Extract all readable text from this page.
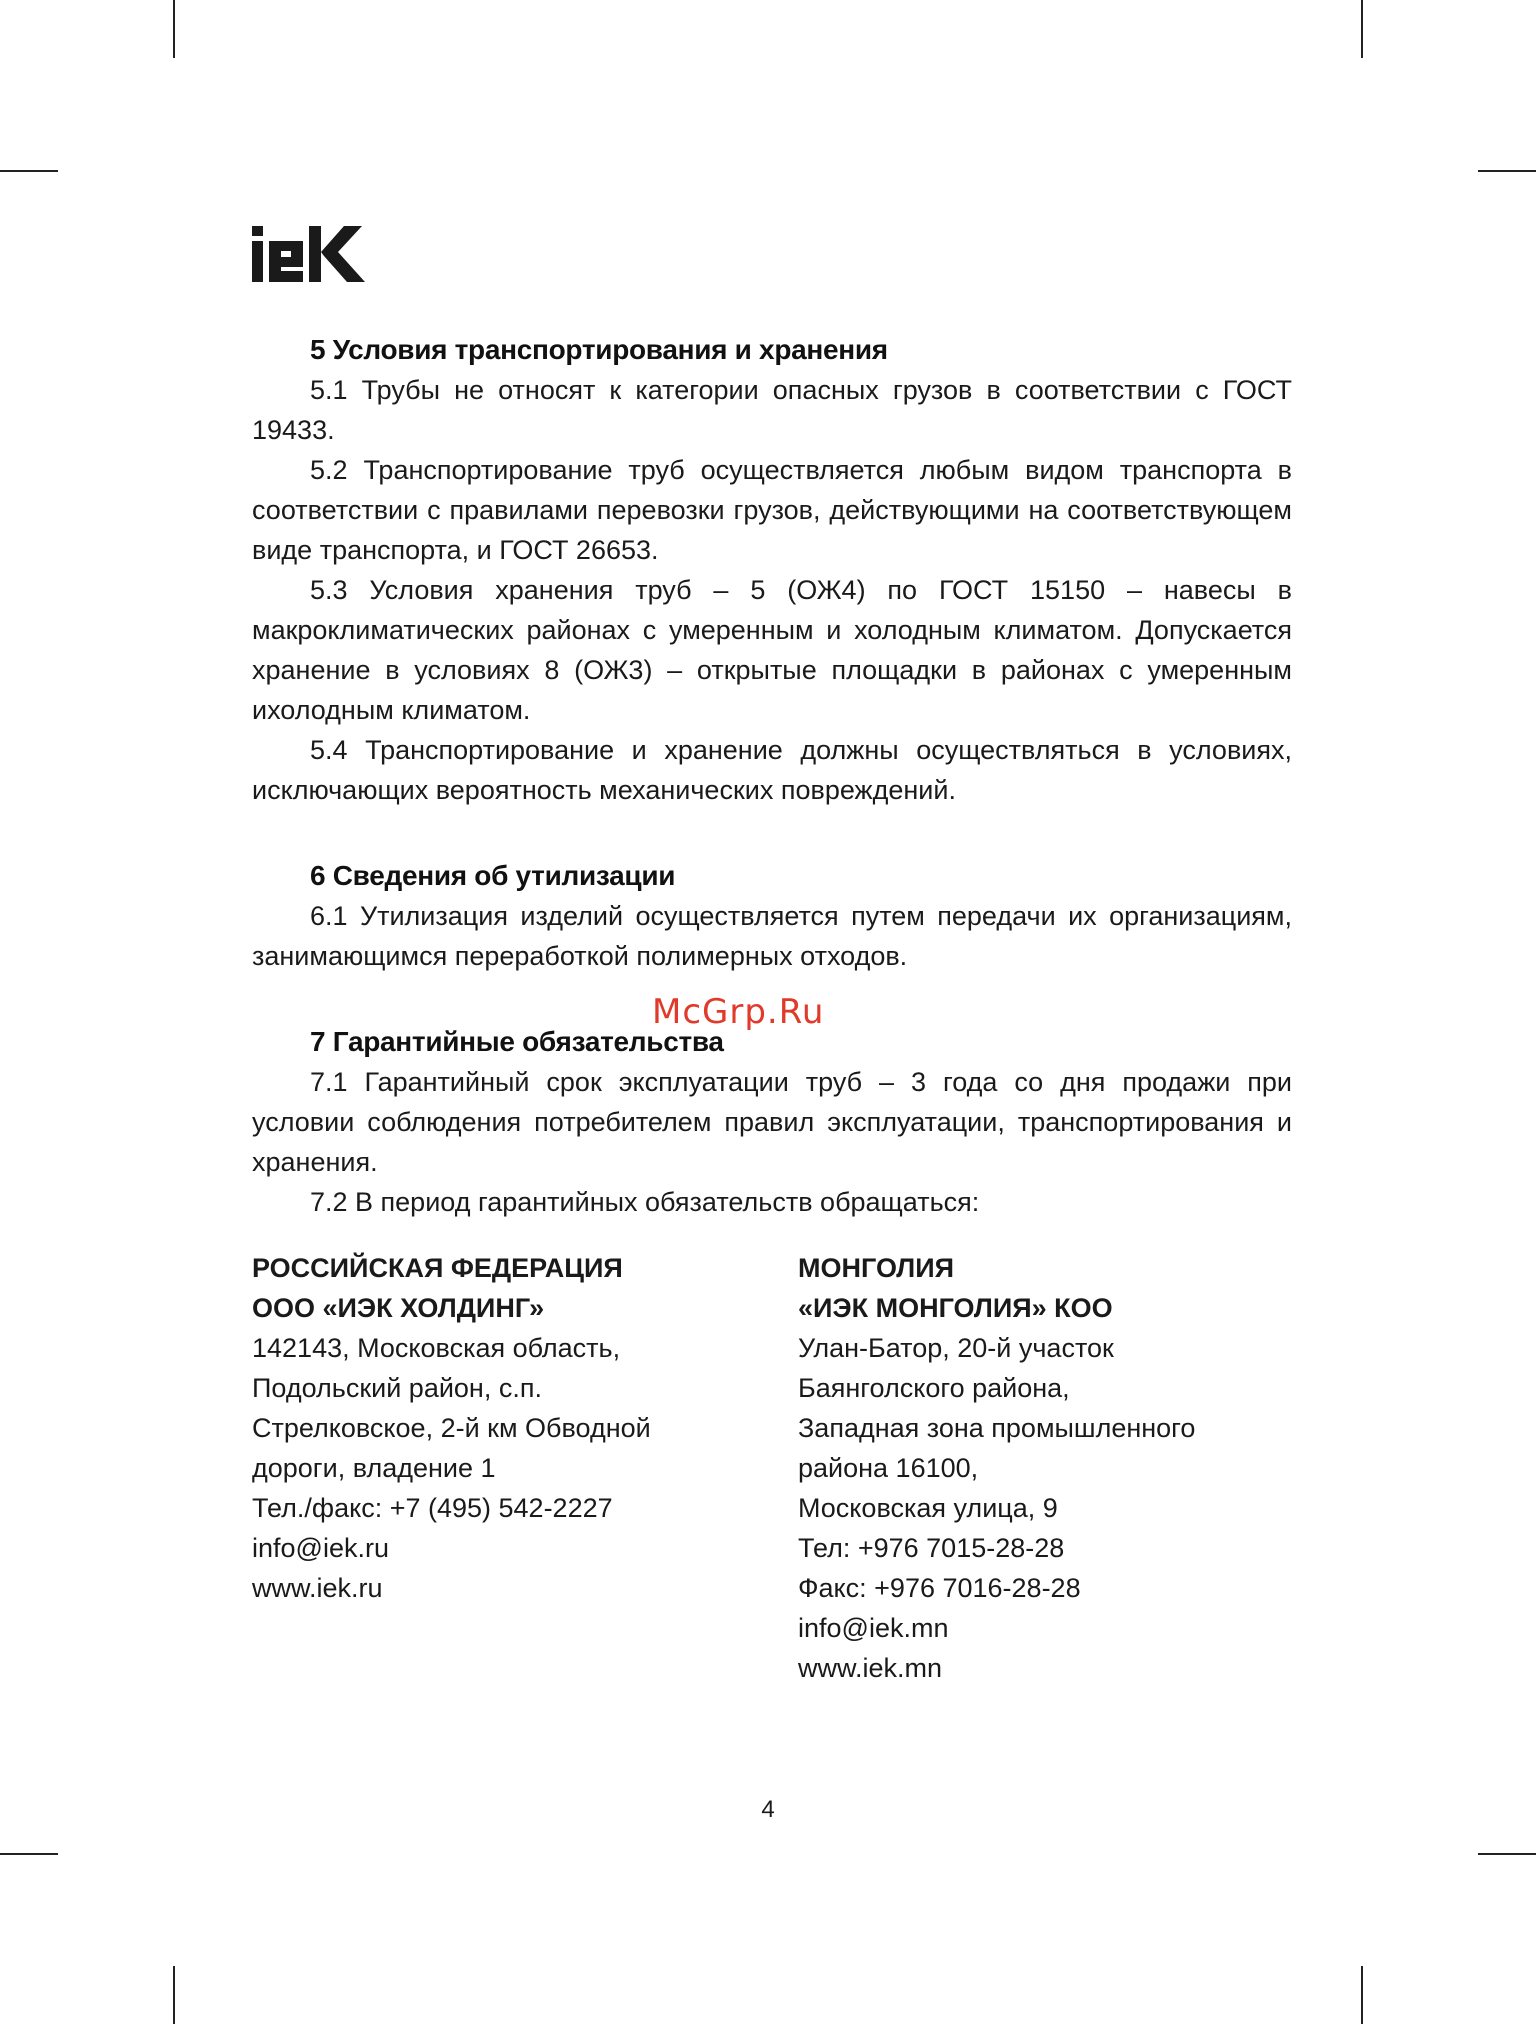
5 Условия транспортирования и хранения

5.1 Трубы не относят к категории опасных грузов в соответствии с ГОСТ 19433.

5.2 Транспортирование труб осуществляется любым видом транспорта в соответствии с правилами перевозки грузов, действующими на соответствующем виде транспорта, и ГОСТ 26653.

5.3 Условия хранения труб – 5 (ОЖ4) по ГОСТ 15150 – навесы в макроклиматических районах с умеренным и холодным климатом. Допускается хранение в условиях 8 (ОЖ3) – открытые площадки в районах с умеренным ихолодным климатом.

5.4 Транспортирование и хранение должны осуществляться в условиях, исключающих вероятность механических повреждений.

6 Сведения об утилизации

6.1 Утилизация изделий осуществляется путем передачи их организациям, занимающимся переработкой полимерных отходов.

7 Гарантийные обязательства

7.1 Гарантийный срок эксплуатации труб – 3 года со дня продажи при условии соблюдения потребителем правил эксплуатации, транспортирования и хранения.

7.2 В период гарантийных обязательств обращаться:

McGrp.Ru

РОССИЙСКАЯ ФЕДЕРАЦИЯ

ООО «ИЭК ХОЛДИНГ»

142143, Московская область,

Подольский район, с.п.

Стрелковское, 2-й км Обводной

дороги, владение 1

Тел./факс: +7 (495) 542-2227

info@iek.ru

www.iek.ru

МОНГОЛИЯ

«ИЭК МОНГОЛИЯ» КОО

Улан-Батор, 20-й участок

Баянголского района,

Западная зона промышленного

района 16100,

Московская улица, 9

Тел: +976 7015-28-28

Факс: +976 7016-28-28

info@iek.mn

www.iek.mn

4
